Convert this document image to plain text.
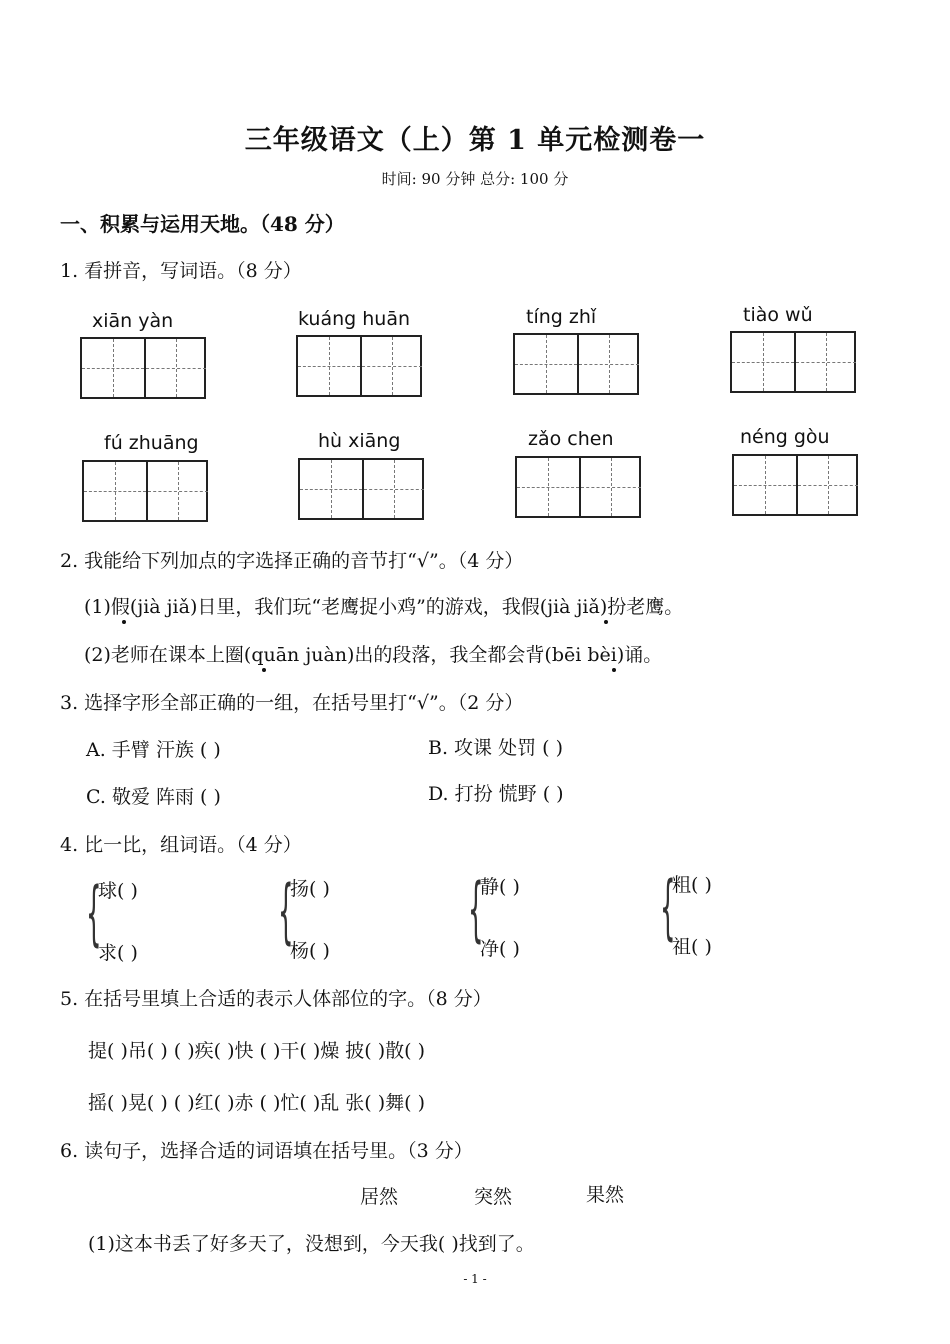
三年级语文（上）第 1 单元检测卷一
时间: 90 分钟 总分: 100 分
一、积累与运用天地。（48 分）
1. 看拼音，写词语。（8 分）
xiān yàn	kuáng huān	tíng zhǐ	tiào wǔ
fú zhuāng	hù xiāng	zǎo chen	néng gòu
2. 我能给下列加点的字选择正确的音节打“√”。（4 分）
(1)假(jià jiǎ)日里，我们玩“老鹰捉小鸡”的游戏，我假(jià jiǎ)扮老鹰。
(2)老师在课本上圈(quān juàn)出的段落，我全都会背(bēi bèi)诵。
3. 选择字形全部正确的一组，在括号里打“√”。（2 分）
A. 手臂 汗族 ( )	B. 攻课 处罚 ( )
C. 敬爱 阵雨 ( )	D. 打扮 慌野 ( )
4. 比一比，组词语。（4 分）
{
球( )
求( )
{
扬( )
杨( )
{
静( )
净( )
{
粗( )
祖( )
5. 在括号里填上合适的表示人体部位的字。（8 分）
提( )吊( ) ( )疾( )快 ( )干( )燥 披( )散( )
摇( )晃( ) ( )红( )赤 ( )忙( )乱 张( )舞( )
6. 读句子，选择合适的词语填在括号里。（3 分）
居然	突然	果然
(1)这本书丢了好多天了，没想到，今天我( )找到了。
- 1 -
